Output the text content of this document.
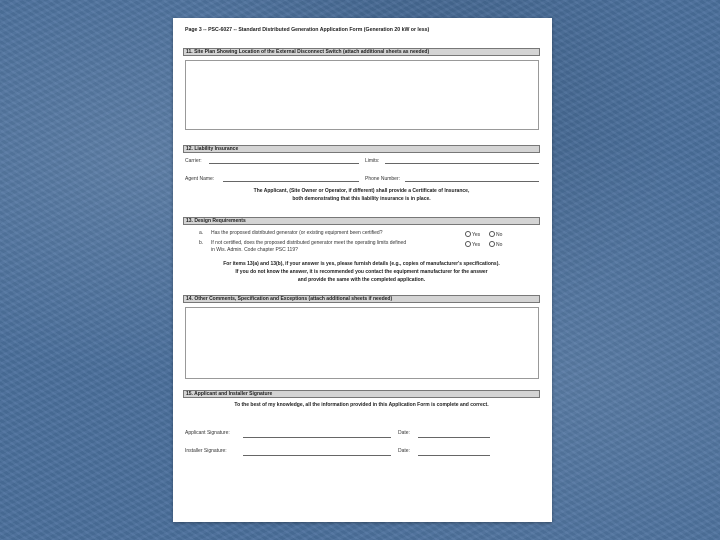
Page 3 -- PSC-6027 -- Standard Distributed Generation Application Form (Generation 20 kW or less)
11. Site Plan Showing Location of the External Disconnect Switch (attach additional sheets as needed)
12. Liability Insurance
Carrier:	Limits:
Agent Name:	Phone Number:
The Applicant, (Site Owner or Operator, if different) shall provide a Certificate of Insurance,
both demonstrating that this liability insurance is in place.
13. Design Requirements
a. Has the proposed distributed generator (or existing equipment been certified?	Yes	No
b. If not certified, does the proposed distributed generator meet the operating limits defined
in Wis. Admin. Code chapter PSC 119?
Yes	No
For items 13(a) and 13(b), if your answer is yes, please furnish details (e.g., copies of manufacturer's specifications).
If you do not know the answer, it is recommended you contact the equipment manufacturer for the answer
and provide the same with the completed application.
14. Other Comments, Specification and Exceptions (attach additional sheets if needed)
15. Applicant and Installer Signature
To the best of my knowledge, all the information provided in this Application Form is complete and correct.
Applicant Signature:	Date:
Installer Signature:	Date:
